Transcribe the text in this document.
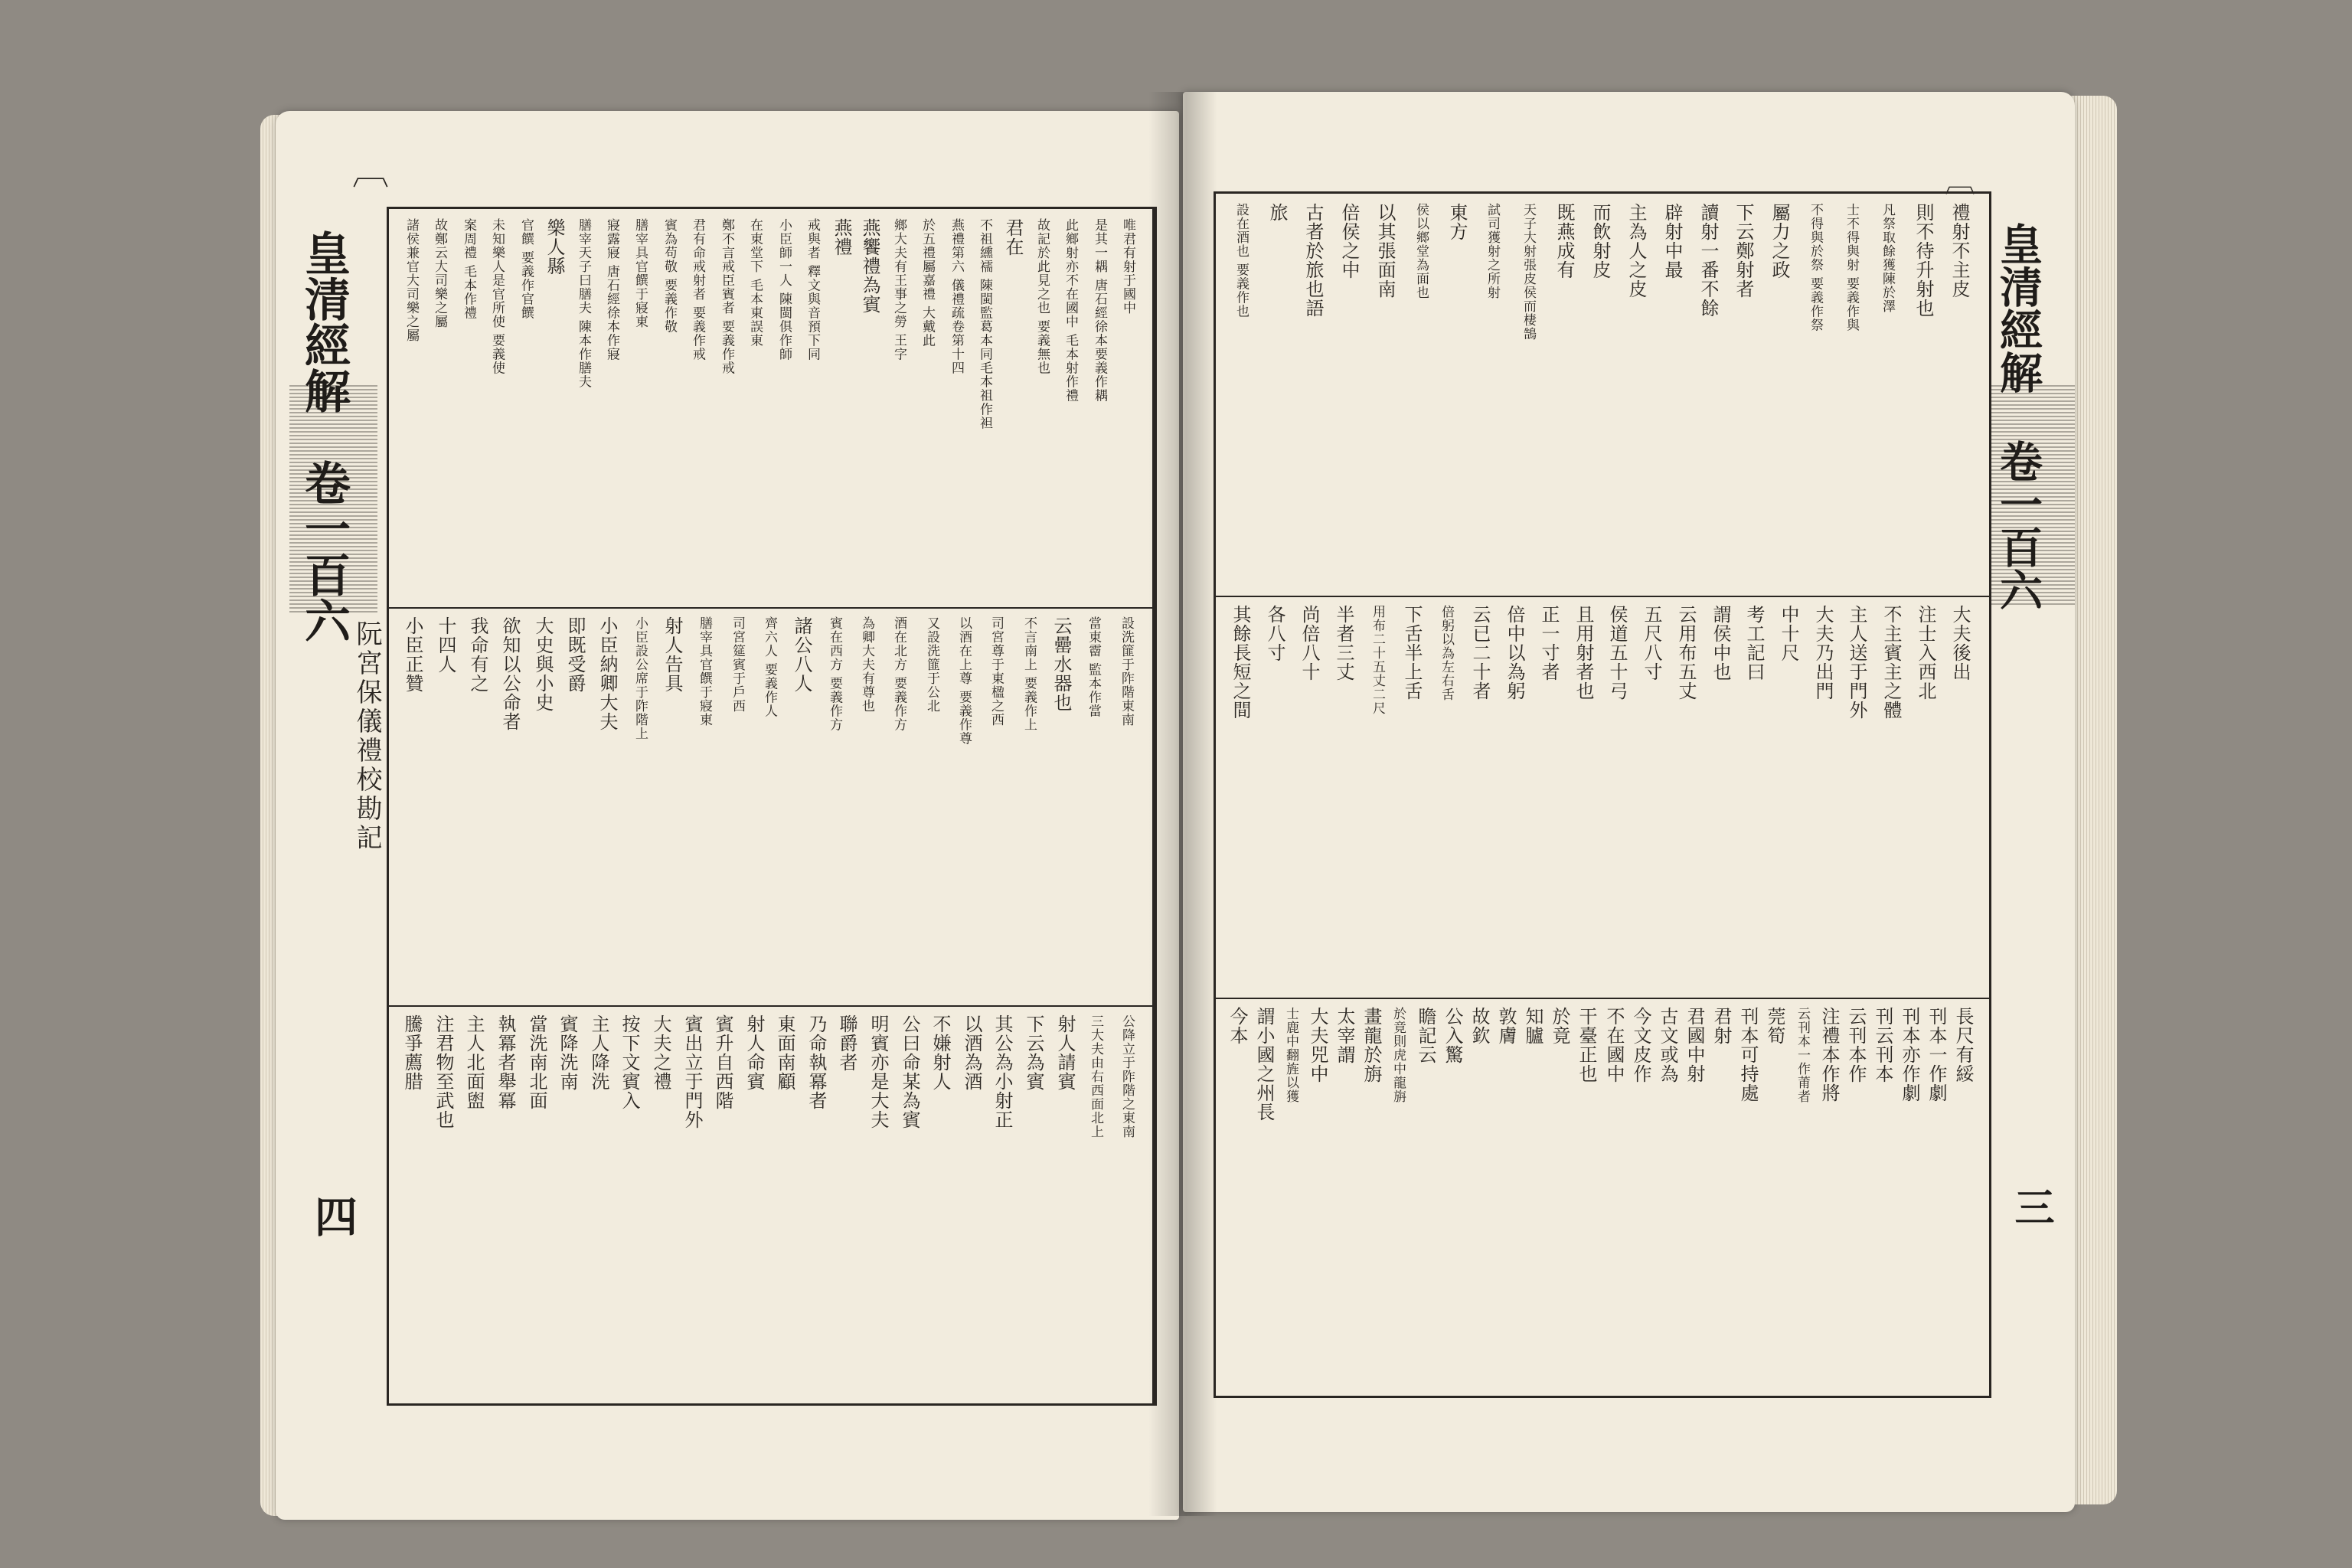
︹	︹
皇清經解卷一百六
皇清經解卷一百六
四	三
阮宮保儀禮校勘記
唯君有射于國中
是其一耦 唐石經徐本要義作耦
此鄉射亦不在國中 毛本射作禮
故記於此見之也 要義無也
君在
不祖纁襦 陳閩監葛本同毛本祖作袒
燕禮第六 儀禮疏卷第十四
於五禮屬嘉禮 大戴此
鄉大夫有王事之勞 王字
燕饗禮為賓
燕禮
戒與者 釋文與音預下同
小臣師一人 陳閩俱作師
在東堂下 毛本東誤東
鄭不言戒臣賓者 要義作戒
君有命戒射者 要義作戒
賓為苟敬 要義作敬
膳宰具官饌于寢東
寢露寢 唐石經徐本作寢
膳宰天子曰膳夫 陳本作膳夫
樂人縣
官饌 要義作官饌
未知樂人是官所使 要義使
案周禮 毛本作禮
故鄭云大司樂之屬
諸侯兼官大司樂之屬
設洗篚于阼階東南
當東霤 監本作當
云罍水器也
不言南上 要義作上
司宮尊于東楹之西
以酒在上尊 要義作尊
又設洗篚于公北
酒在北方 要義作方
為卿大夫有尊也
賓在西方 要義作方
諸公八人
齊六人 要義作人
司宮筵賓于戶西
膳宰具官饌于寢東
射人告具
小臣設公席于阼階上
小臣納卿大夫
即既受爵
大史與小史
欲知以公命者
我命有之
十四人
小臣正贊
公降立于阼階之東南
三大夫由右西面北上
射人請賓
下云為賓
其公為小射正
以酒為酒
不嫌射人
公曰命某為賓
明賓亦是大夫
聯爵者
乃命執冪者
東面南顧
射人命賓
賓升自西階
賓出立于門外
大夫之禮
按下文賓入
主人降洗
賓降洗南
當洗南北面
執冪者舉冪
主人北面盥
注君物至武也
騰爭薦腊
禮射不主皮
則不待升射也
凡祭取餘獲陳於澤
士不得與射 要義作與
不得與於祭 要義作祭
屬力之政
下云鄭射者
讀射一番不餘
辟射中最
主為人之皮
而飲射皮
既燕成有
天子大射張皮侯而棲鵠
試司獲射之所射
東方
侯以鄉堂為面也
以其張面南
倍侯之中
古者於旅也語
旅
設在酒也 要義作也
大夫後出
注士入西北
不主賓主之體
主人送于門外
大夫乃出門
中十尺
考工記曰
謂侯中也
云用布五丈
五尺八寸
侯道五十弓
且用射者也
正一寸者
倍中以為躬
云已二十者
倍躬以為左右舌
下舌半上舌
用布二十五丈二尺
半者三丈
尚倍八十
各八寸
其餘長短之間
長尺有綏
刊本一作劇
刊本亦作劇
刊云刊本
云刊本作
注禮本作將
云刊本一作莆者
莞筍
刊本可持處
君射
君國中射
古文或為
今文皮作
不在國中
干臺正也
於竟
知臚
敦膚
故欽
公入驚
瞻記云
於竟則虎中龍旃
畫龍於旃
太宰謂
大夫兕中
士鹿中翻旌以獲
謂小國之州長
今本
